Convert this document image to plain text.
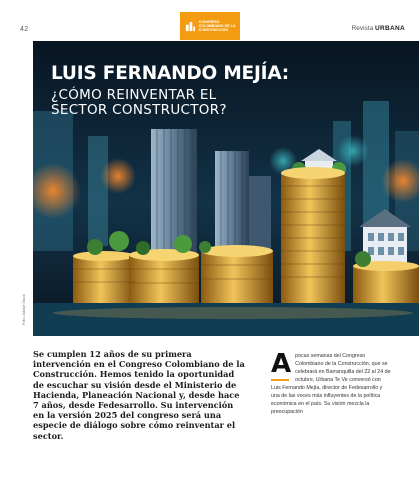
42
CONGRESO
COLOMBIANO DE LA
CONSTRUCCIÓN	Revista URBANA
LUIS FERNANDO MEJÍA:
¿CÓMO REINVENTAR EL
SECTOR CONSTRUCTOR?
Foto: Adobe Stock

Se cumplen 12 años de su primera intervención en el Congreso Colombiano de la Construcción. Hemos tenido la oportunidad de escuchar su visión desde el Ministerio de Hacienda, Planeación Nacional y, desde hace 7 años, desde Fedesarrollo. Su intervención en la versión 2025 del congreso será una especie de diálogo sobre cómo reinventar el sector.

A pocas semanas del Congreso Colombiano de la Construcción, que se celebrará en Barranquilla del 22 al 24 de octubre, Urbana Te Ve conversó con Luis Fernando Mejía, director de Fedesarrollo y una de las voces más influyentes de la política económica en el país. Su visión mezcla la preocupación
